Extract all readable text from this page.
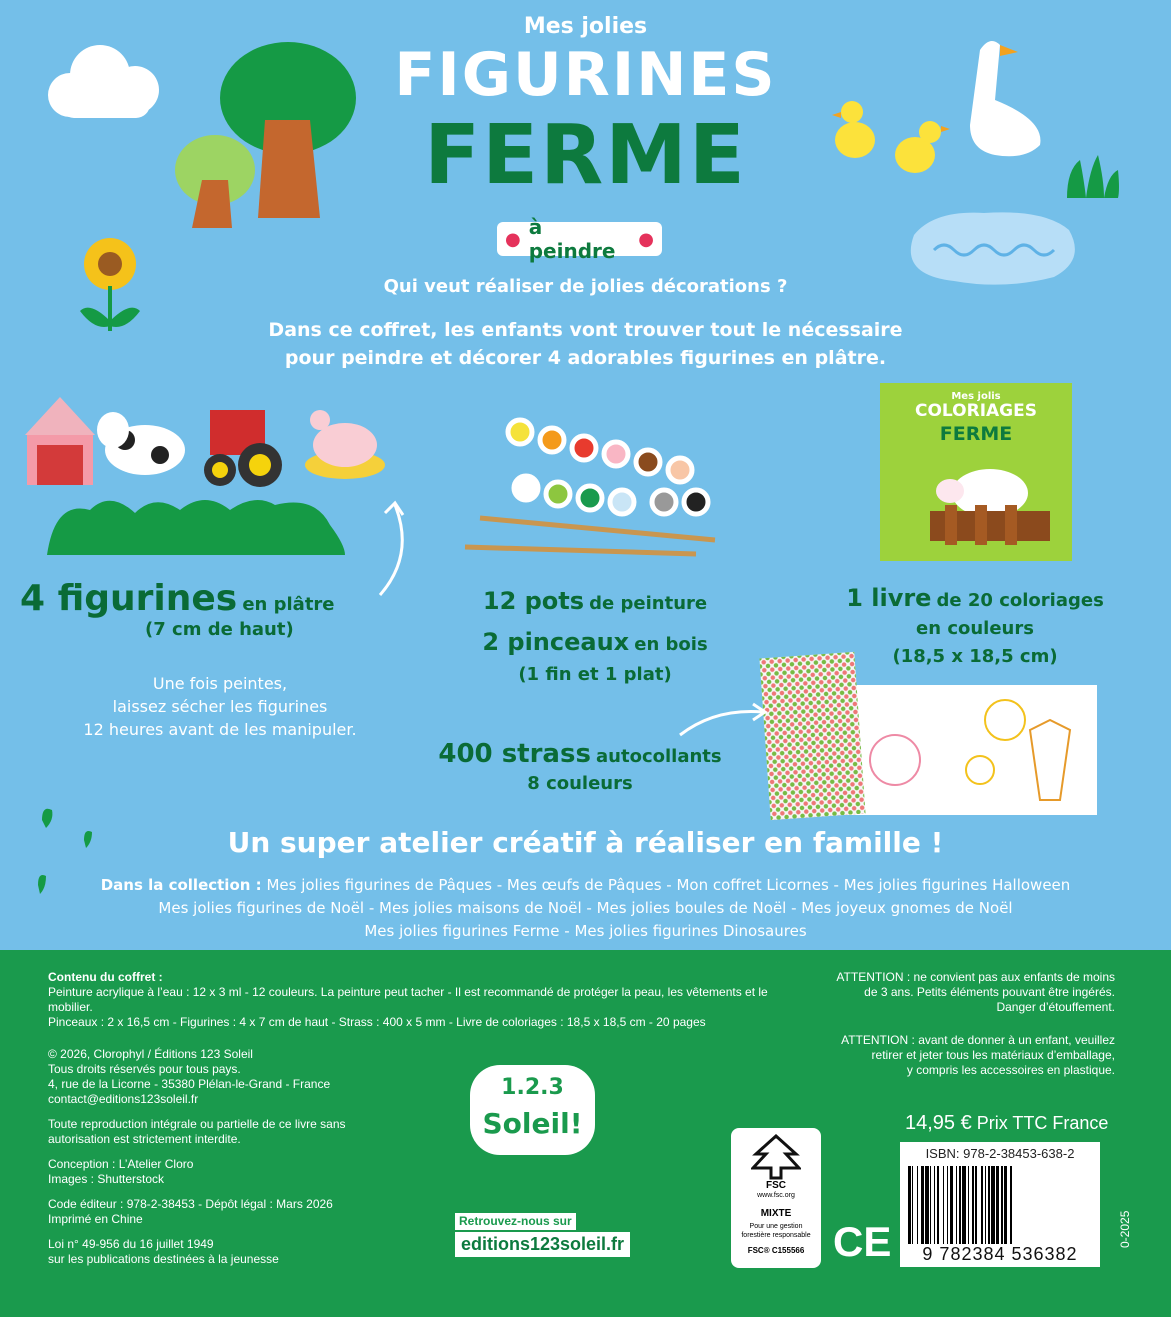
Mes jolies
FIGURINES
FERME
● à peindre	●
Qui veut réaliser de jolies décorations ?
Dans ce coffret, les enfants vont trouver tout le nécessaire
pour peindre et décorer 4 adorables figurines en plâtre.
Mes jolis
COLORIAGES
FERME
4 figurines en plâtre
(7 cm de haut)
Une fois peintes,
laissez sécher les figurines
12 heures avant de les manipuler.
12 pots de peinture
2 pinceaux en bois
(1 fin et 1 plat)
1 livre de 20 coloriages
en couleurs
(18,5 x 18,5 cm)
400 strass autocollants
8 couleurs
Un super atelier créatif à réaliser en famille !
Dans la collection : Mes jolies figurines de Pâques - Mes œufs de Pâques - Mon coffret Licornes - Mes jolies figurines Halloween
Mes jolies figurines de Noël - Mes jolies maisons de Noël - Mes jolies boules de Noël - Mes joyeux gnomes de Noël
Mes jolies figurines Ferme - Mes jolies figurines Dinosaures
Contenu du coffret :
Peinture acrylique à l’eau : 12 x 3 ml - 12 couleurs. La peinture peut tacher - Il est recommandé de protéger la peau, les vêtements et le mobilier.
Pinceaux : 2 x 16,5 cm - Figurines : 4 x 7 cm de haut - Strass : 400 x 5 mm - Livre de coloriages : 18,5 x 18,5 cm - 20 pages
© 2026, Clorophyl / Éditions 123 Soleil
Tous droits réservés pour tous pays.
4, rue de la Licorne - 35380 Plélan-le-Grand - France
contact@editions123soleil.fr
Toute reproduction intégrale ou partielle de ce livre sans
autorisation est strictement interdite.
Conception : L’Atelier Cloro
Images : Shutterstock
Code éditeur : 978-2-38453 - Dépôt légal : Mars 2026
Imprimé en Chine
Loi n° 49-956 du 16 juillet 1949
sur les publications destinées à la jeunesse
ATTENTION : ne convient pas aux enfants de moins
de 3 ans. Petits éléments pouvant être ingérés.
Danger d’étouffement.
ATTENTION : avant de donner à un enfant, veuillez
retirer et jeter tous les matériaux d’emballage,
y compris les accessoires en plastique.
1.2.3
Soleil!
Retrouvez-nous sur
editions123soleil.fr
FSC
www.fsc.org
MIXTE
Pour une gestion
forestière responsable
FSC® C155566 CE
14,95 € Prix TTC France
ISBN: 978-2-38453-638-2
9 782384 536382
0-2025
